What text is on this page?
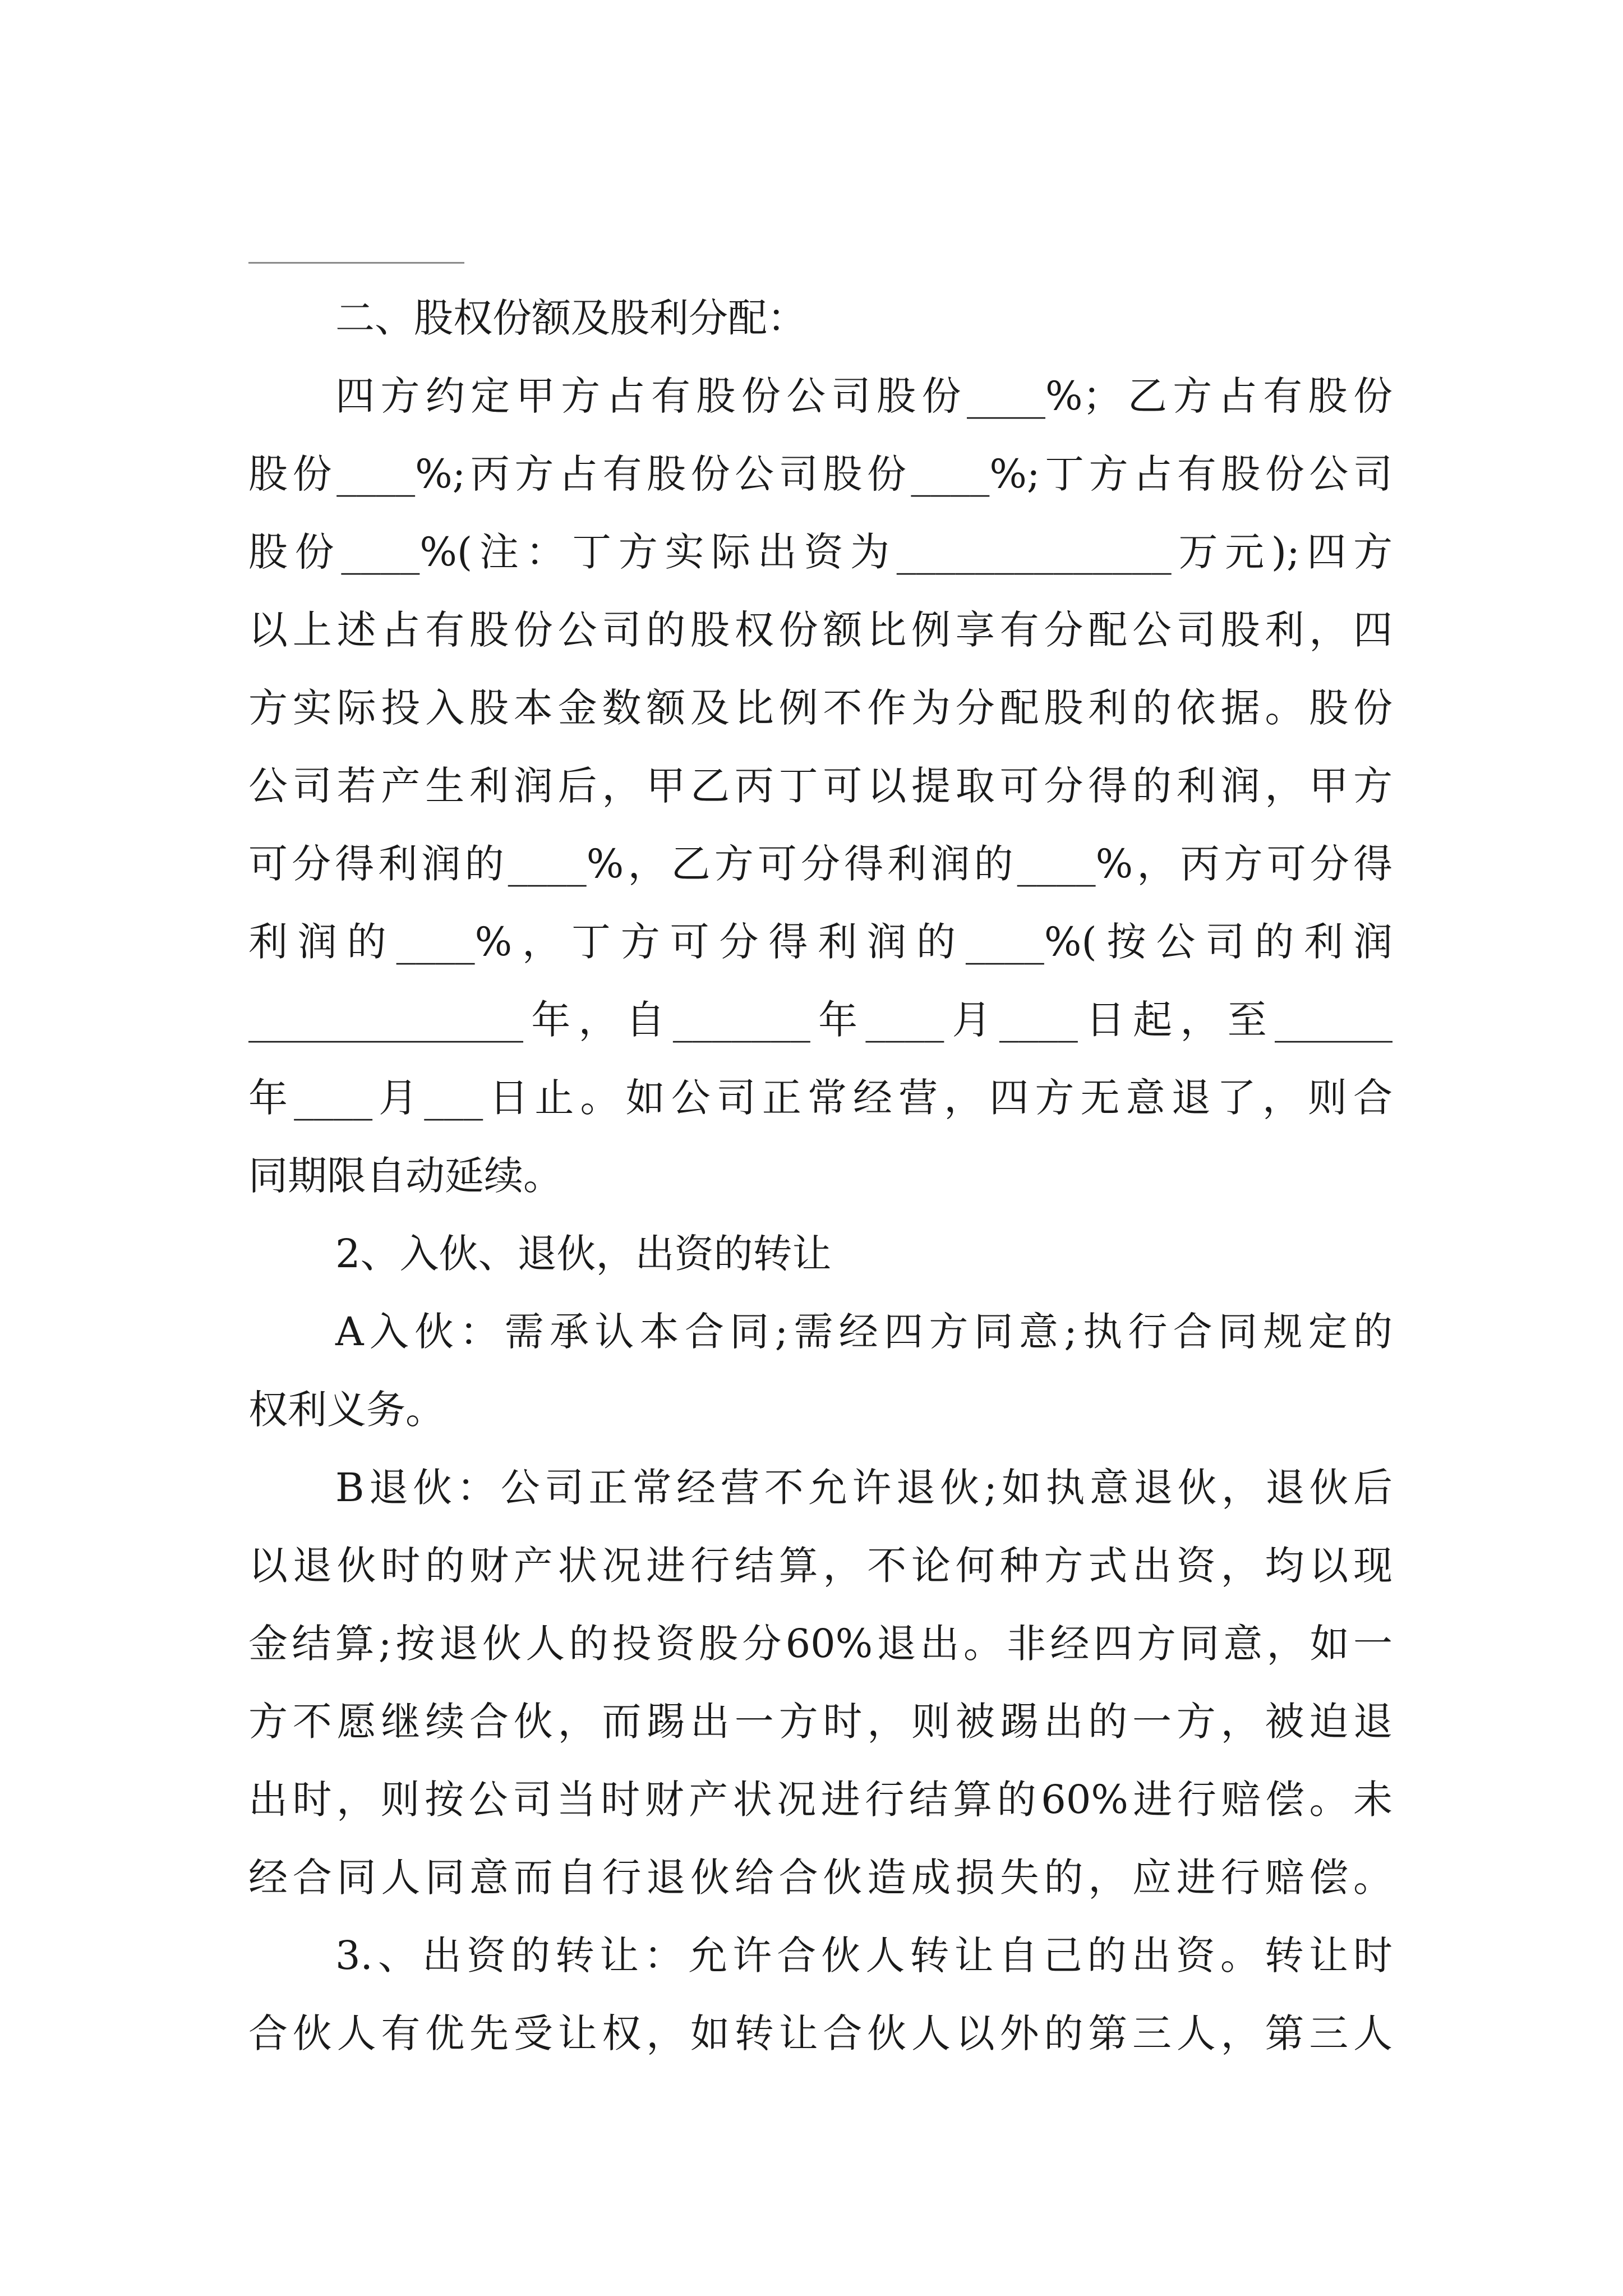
二、股权份额及股利分配：
四方约定甲方占有股份公司股份____%；乙方占有股份
股份____%;丙方占有股份公司股份____%;丁方占有股份公司
股份____%(注：丁方实际出资为______________万元);四方
以上述占有股份公司的股权份额比例享有分配公司股利，四
方实际投入股本金数额及比例不作为分配股利的依据。股份
公司若产生利润后，甲乙丙丁可以提取可分得的利润，甲方
可分得利润的____%，乙方可分得利润的____%，丙方可分得
利润的____%，丁方可分得利润的____%(按公司的利润
______________年，自_______年____月____日起，至______
年____月___日止。如公司正常经营，四方无意退了，则合
同期限自动延续。
2、入伙、退伙，出资的转让
A入伙：需承认本合同;需经四方同意;执行合同规定的
权利义务。
B退伙：公司正常经营不允许退伙;如执意退伙，退伙后
以退伙时的财产状况进行结算，不论何种方式出资，均以现
金结算;按退伙人的投资股分60%退出。非经四方同意，如一
方不愿继续合伙，而踢出一方时，则被踢出的一方，被迫退
出时，则按公司当时财产状况进行结算的60%进行赔偿。未
经合同人同意而自行退伙给合伙造成损失的，应进行赔偿。
3.、出资的转让：允许合伙人转让自己的出资。转让时
合伙人有优先受让权，如转让合伙人以外的第三人，第三人
